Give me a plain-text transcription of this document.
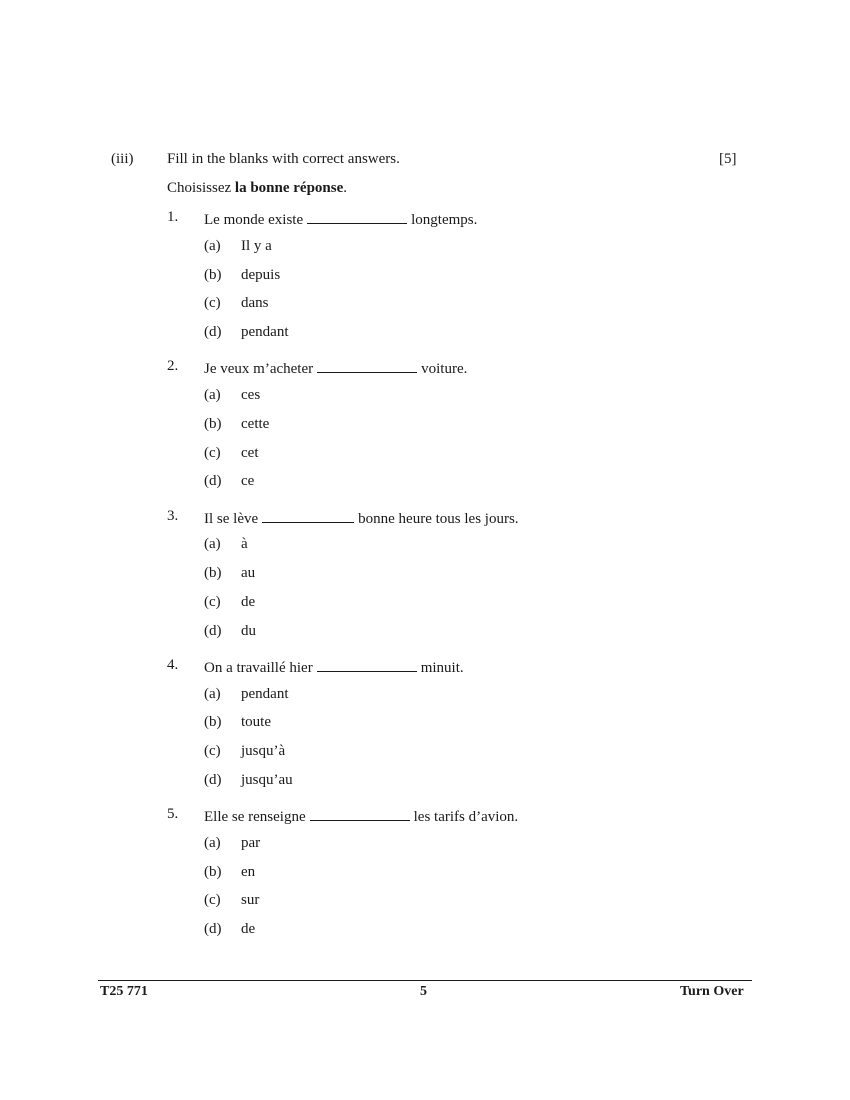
(iii) Fill in the blanks with correct answers.	[5]
Choisissez la bonne réponse.
1. Le monde existe	longtemps.
(a) Il y a
(b) depuis
(c) dans
(d) pendant
2. Je veux m’acheter	voiture.
(a) ces
(b) cette
(c) cet
(d) ce
3. Il se lève	bonne heure tous les jours.
(a) à
(b) au
(c) de
(d) du
4. On a travaillé hier	minuit.
(a) pendant
(b) toute
(c) jusqu’à
(d) jusqu’au
5. Elle se renseigne	les tarifs d’avion.
(a) par
(b) en
(c) sur
(d) de
T25 771	5	Turn Over
